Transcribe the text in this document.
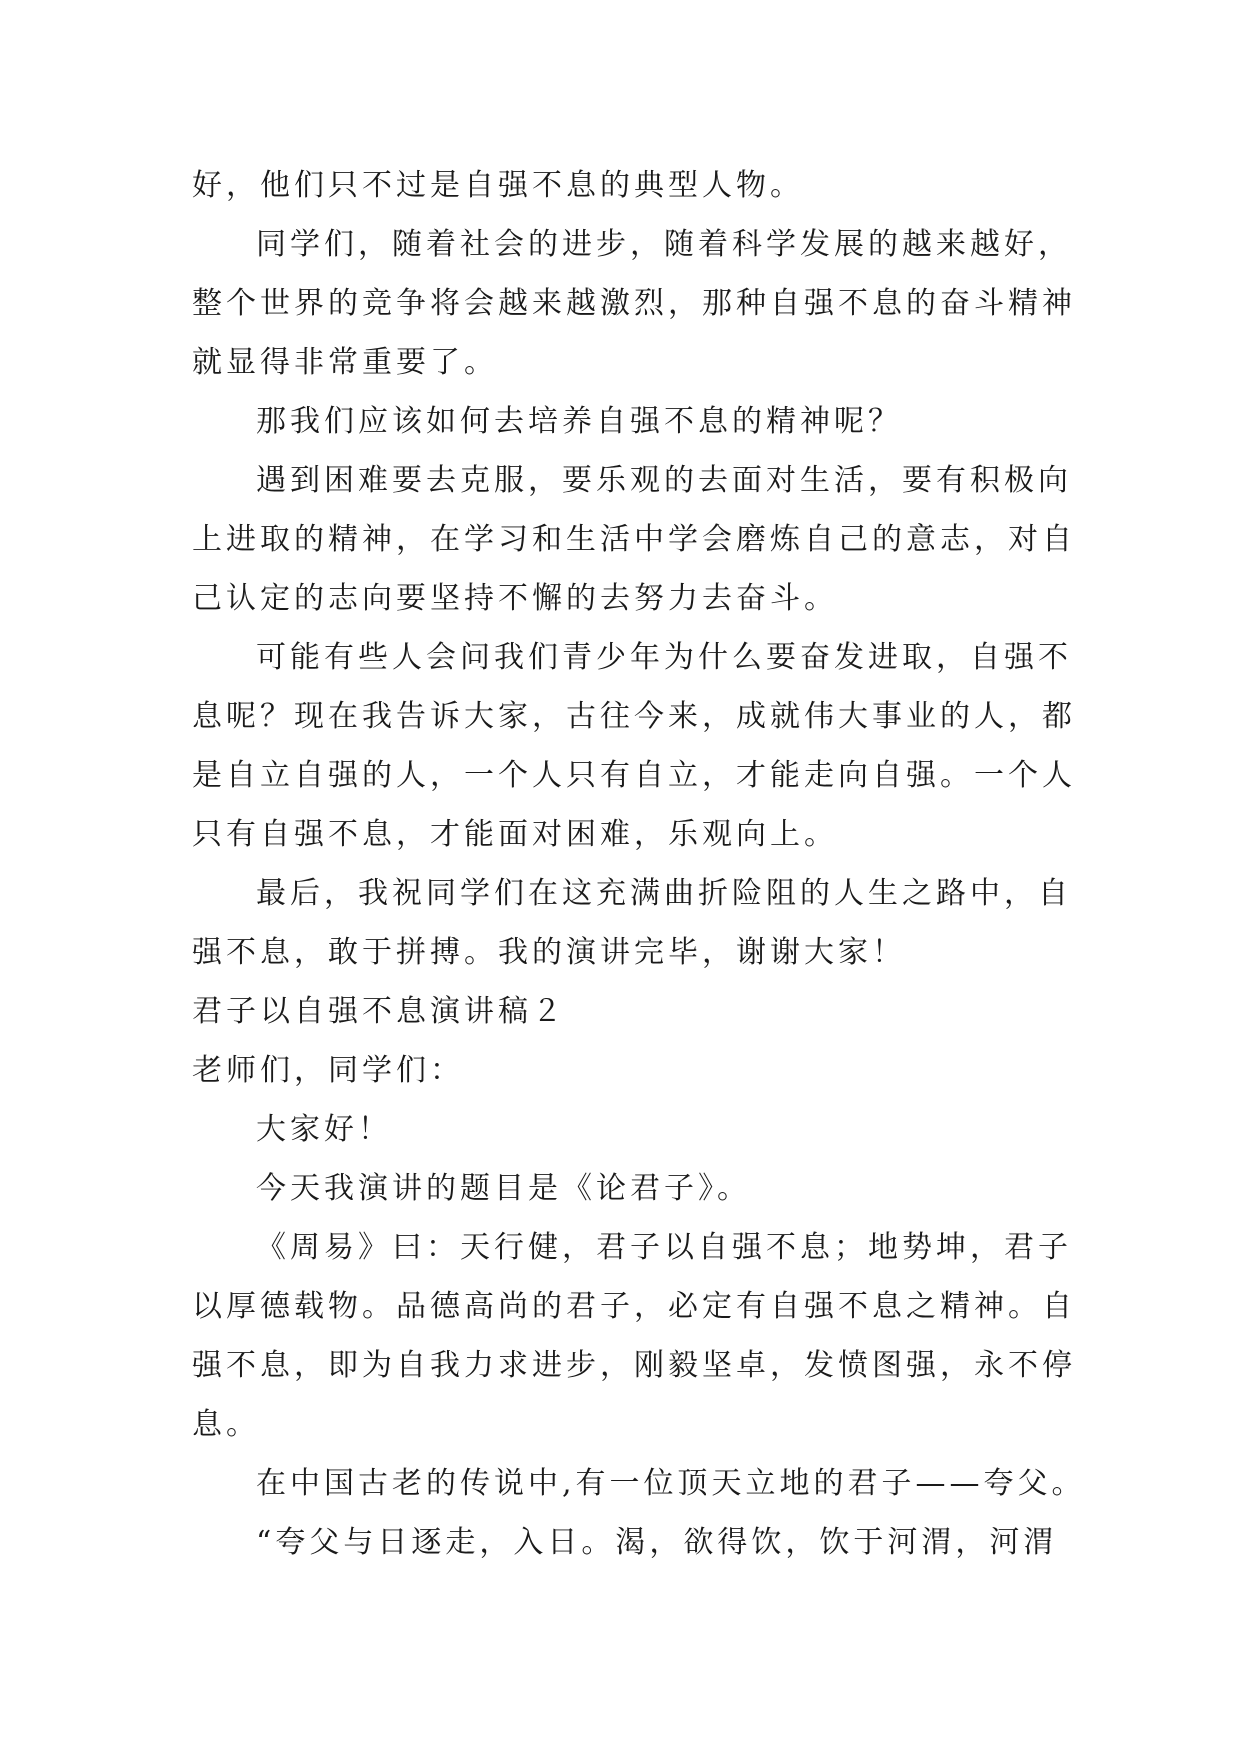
好，他们只不过是自强不息的典型人物。

同学们，随着社会的进步，随着科学发展的越来越好，

整个世界的竞争将会越来越激烈，那种自强不息的奋斗精神

就显得非常重要了。

那我们应该如何去培养自强不息的精神呢？

遇到困难要去克服，要乐观的去面对生活，要有积极向

上进取的精神，在学习和生活中学会磨炼自己的意志，对自

己认定的志向要坚持不懈的去努力去奋斗。

可能有些人会问我们青少年为什么要奋发进取，自强不

息呢？现在我告诉大家，古往今来，成就伟大事业的人，都

是自立自强的人，一个人只有自立，才能走向自强。一个人

只有自强不息，才能面对困难，乐观向上。

最后，我祝同学们在这充满曲折险阻的人生之路中，自

强不息，敢于拼搏。我的演讲完毕，谢谢大家！

君子以自强不息演讲稿２

老师们，同学们：

大家好！

今天我演讲的题目是《论君子》。

《周易》曰：天行健，君子以自强不息；地势坤，君子

以厚德载物。品德高尚的君子，必定有自强不息之精神。自

强不息，即为自我力求进步，刚毅坚卓，发愤图强，永不停

息。

在中国古老的传说中,有一位顶天立地的君子——夸父。

“夸父与日逐走，入日。渴，欲得饮，饮于河渭，河渭
